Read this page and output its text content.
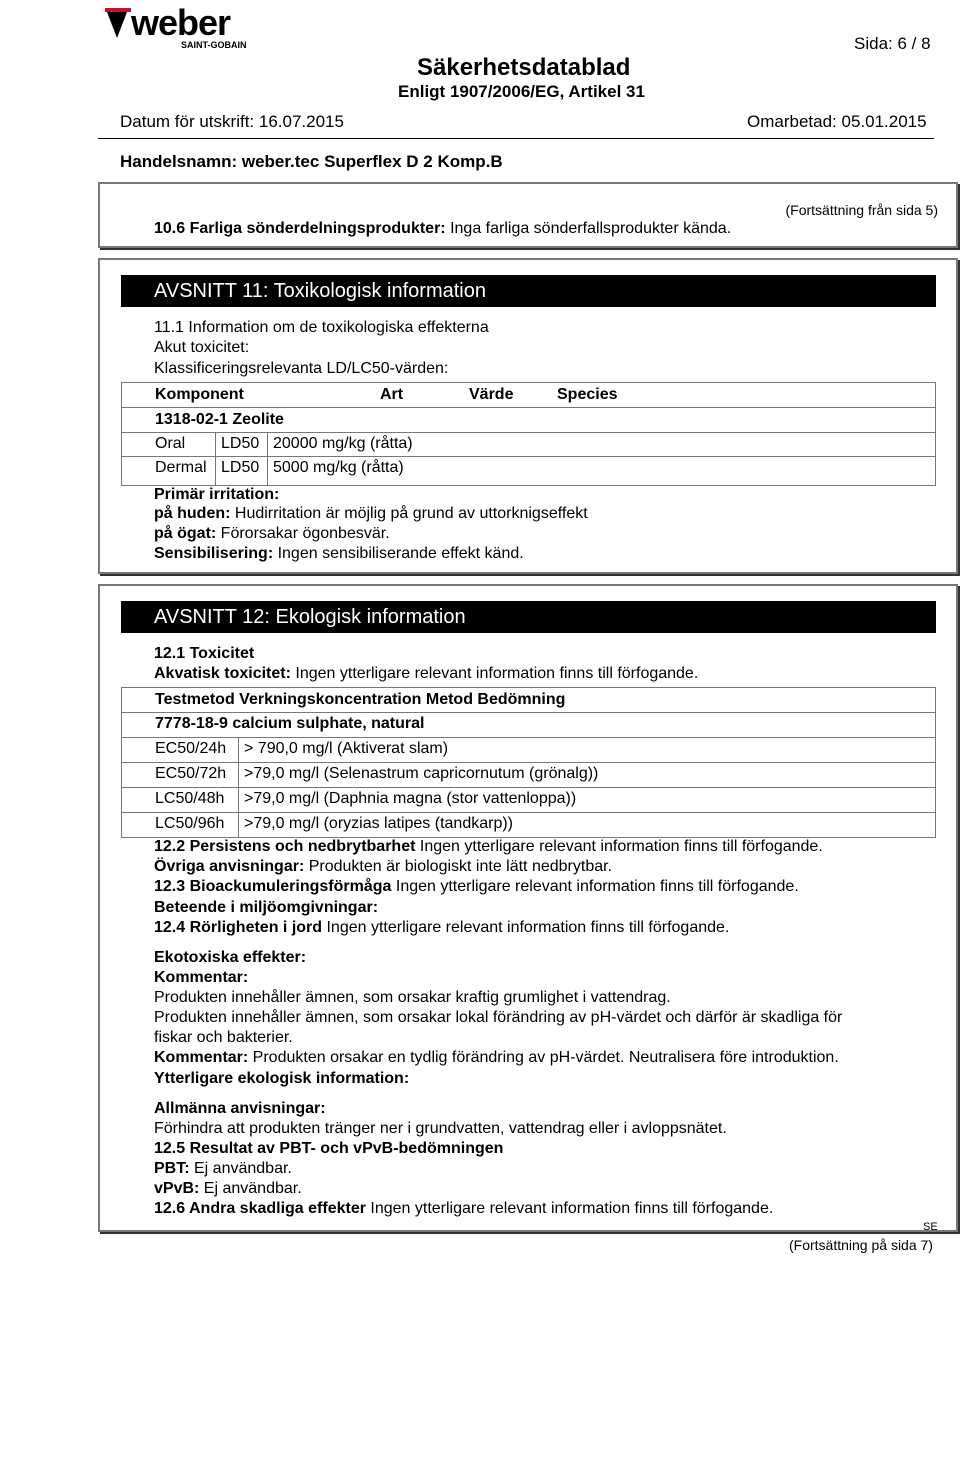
weber
SAINT-GOBAIN	Sida: 6 / 8
Säkerhetsdatablad
Enligt 1907/2006/EG, Artikel 31
Datum för utskrift: 16.07.2015	Omarbetad: 05.01.2015
Handelsnamn: weber.tec Superflex D 2 Komp.B
(Fortsättning från sida 5)
10.6 Farliga sönderdelningsprodukter: Inga farliga sönderfallsprodukter kända.
AVSNITT 11: Toxikologisk information
11.1 Information om de toxikologiska effekterna
Akut toxicitet:
Klassificeringsrelevanta LD/LC50-värden:
Komponent	Art	Värde	Species
1318-02-1 Zeolite
Oral LD50 20000 mg/kg (råtta)
Dermal LD50 5000 mg/kg (råtta)
Primär irritation:
på huden: Hudirritation är möjlig på grund av uttorknigseffekt
på ögat: Förorsakar ögonbesvär.
Sensibilisering: Ingen sensibiliserande effekt känd.
AVSNITT 12: Ekologisk information
12.1 Toxicitet
Akvatisk toxicitet: Ingen ytterligare relevant information finns till förfogande.
Testmetod Verkningskoncentration Metod Bedömning
7778-18-9 calcium sulphate, natural
EC50/24h > 790,0 mg/l (Aktiverat slam)
EC50/72h >79,0 mg/l (Selenastrum capricornutum (grönalg))
LC50/48h >79,0 mg/l (Daphnia magna (stor vattenloppa))
LC50/96h >79,0 mg/l (oryzias latipes (tandkarp))
12.2 Persistens och nedbrytbarhet Ingen ytterligare relevant information finns till förfogande.
Övriga anvisningar: Produkten är biologiskt inte lätt nedbrytbar.
12.3 Bioackumuleringsförmåga Ingen ytterligare relevant information finns till förfogande.
Beteende i miljöomgivningar:
12.4 Rörligheten i jord Ingen ytterligare relevant information finns till förfogande.
Ekotoxiska effekter:
Kommentar:
Produkten innehåller ämnen, som orsakar kraftig grumlighet i vattendrag.
Produkten innehåller ämnen, som orsakar lokal förändring av pH-värdet och därför är skadliga för
fiskar och bakterier.
Kommentar: Produkten orsakar en tydlig förändring av pH-värdet. Neutralisera före introduktion.
Ytterligare ekologisk information:
Allmänna anvisningar:
Förhindra att produkten tränger ner i grundvatten, vattendrag eller i avloppsnätet.
12.5 Resultat av PBT- och vPvB-bedömningen
PBT: Ej användbar.
vPvB: Ej användbar.
12.6 Andra skadliga effekter Ingen ytterligare relevant information finns till förfogande.
SE
(Fortsättning på sida 7)
